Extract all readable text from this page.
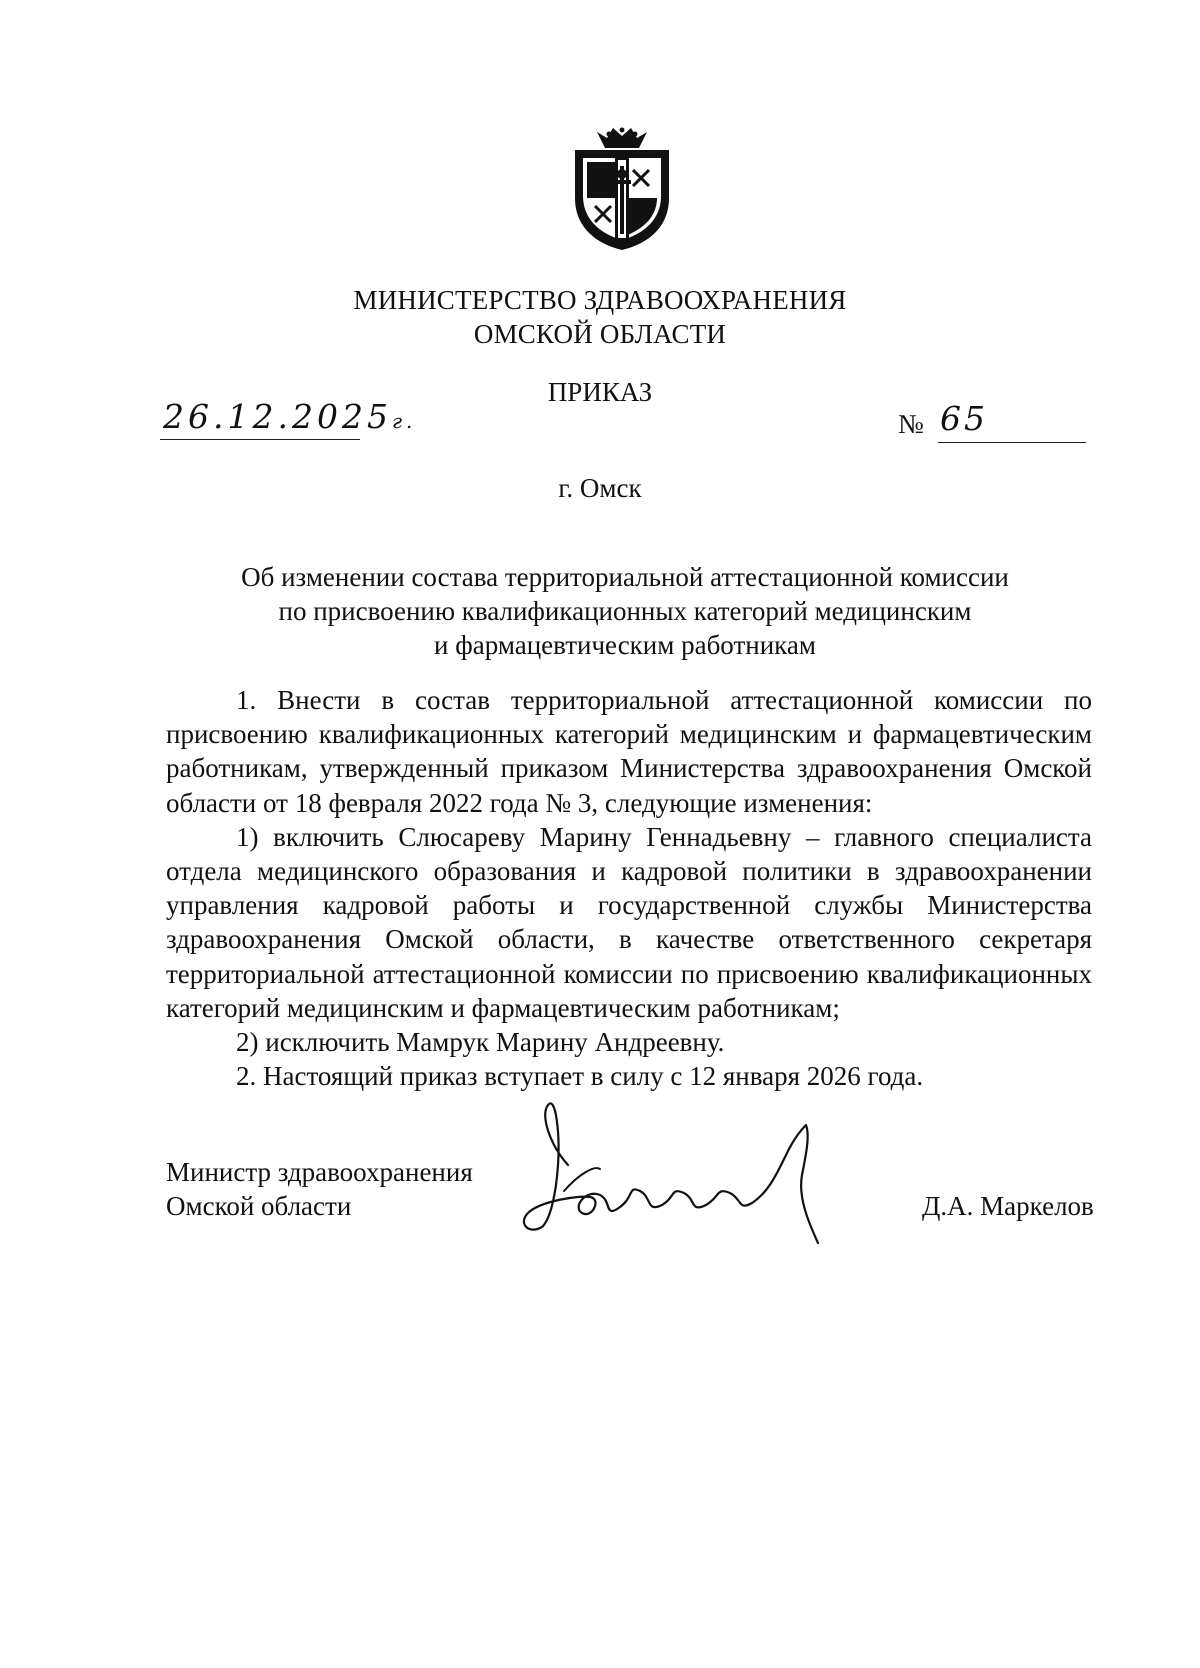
МИНИСТЕРСТВО ЗДРАВООХРАНЕНИЯ
ОМСКОЙ ОБЛАСТИ
ПРИКАЗ
26.12.2025г.	№ 65
г. Омск
Об изменении состава территориальной аттестационной комиссии
по присвоению квалификационных категорий медицинским
и фармацевтическим работникам

1. Внести в состав территориальной аттестационной комиссии по присвоению квалификационных категорий медицинским и фармацевтическим работникам, утвержденный приказом Министерства здравоохранения Омской области от 18 февраля 2022 года № 3, следующие изменения:

1) включить Слюсареву Марину Геннадьевну – главного специалиста отдела медицинского образования и кадровой политики в здравоохранении управления кадровой работы и государственной службы Министерства здравоохранения Омской области, в качестве ответственного секретаря территориальной аттестационной комиссии по присвоению квалификационных категорий медицинским и фармацевтическим работникам;

2) исключить Мамрук Марину Андреевну.

2. Настоящий приказ вступает в силу с 12 января 2026 года.

Министр здравоохранения
Омской области	Д.А. Маркелов
